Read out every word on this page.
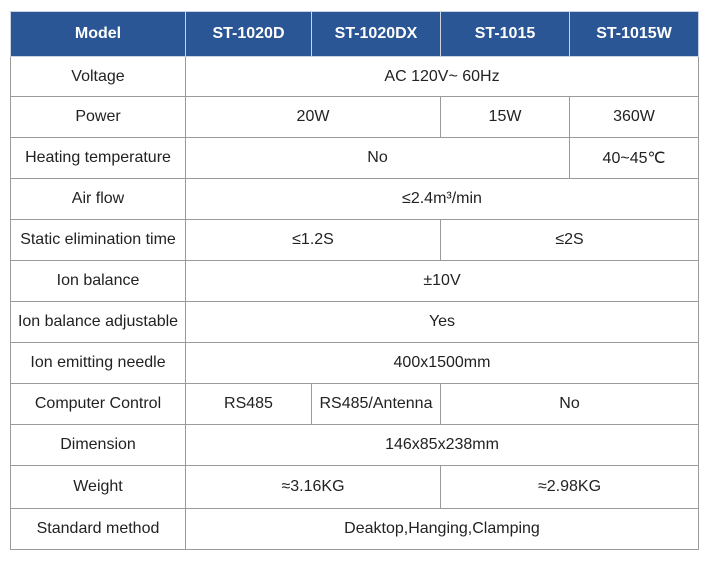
Model	ST-1020D	ST-1020DX	ST-1015	ST-1015W
Voltage	AC 120V~ 60Hz			
Power	20W		15W	360W
Heating temperature	No			40~45℃
Air flow	≤2.4m³/min			
Static elimination time	≤1.2S		≤2S	
Ion balance	±10V			
Ion balance adjustable	Yes			
Ion emitting needle	400x1500mm			
Computer Control	RS485	RS485/Antenna	No	
Dimension	146x85x238mm			
Weight	≈3.16KG		≈2.98KG	
Standard method	Deaktop,Hanging,Clamping			
